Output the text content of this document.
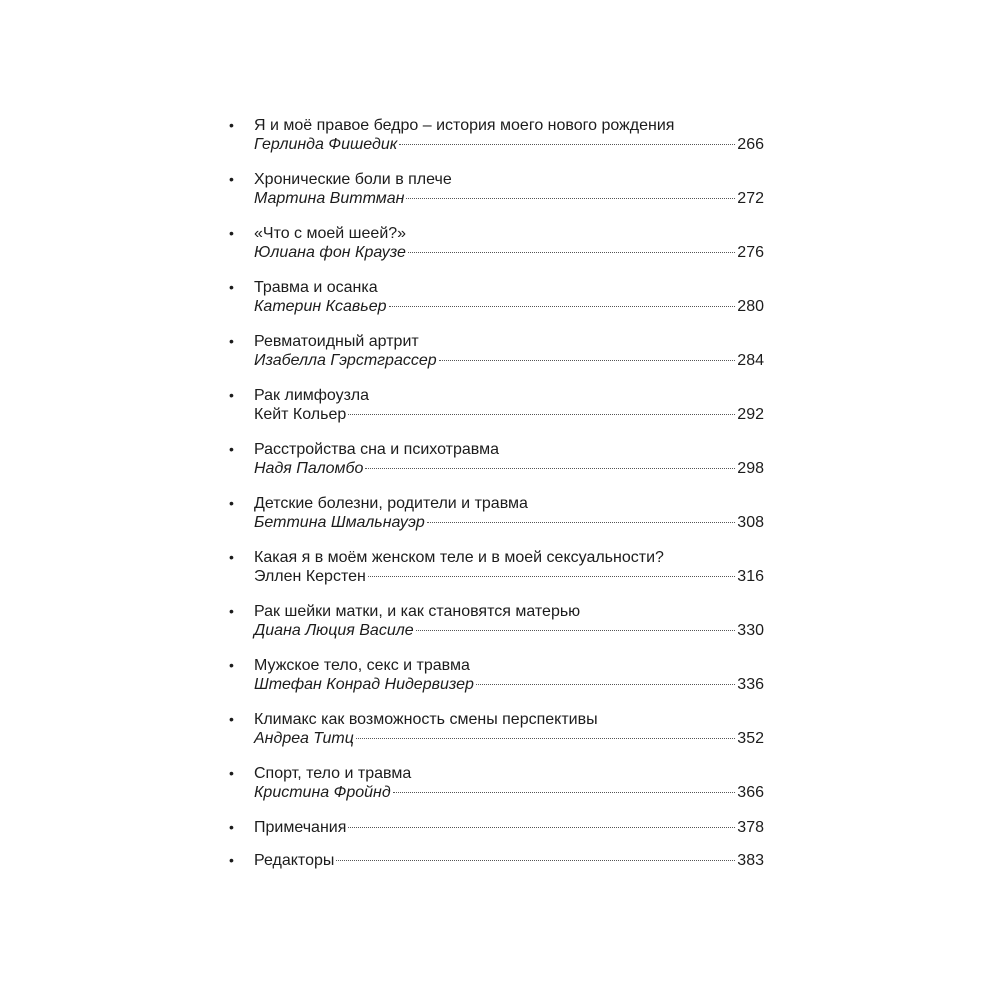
• Я и моё правое бедро – история моего нового рождения
Герлинда Фишедик	266
• Хронические боли в плече
Мартина Виттман	272
• «Что с моей шеей?»
Юлиана фон Краузе	276
• Травма и осанка
Катерин Ксавьер	280
• Ревматоидный артрит
Изабелла Гэрстграссер	284
• Рак лимфоузла
Кейт Кольер	292
• Расстройства сна и психотравма
Надя Паломбо	298
• Детские болезни, родители и травма
Беттина Шмальнауэр	308
• Какая я в моём женском теле и в моей сексуальности?
Эллен Керстен	316
• Рак шейки матки, и как становятся матерью
Диана Люция Василе	330
• Мужское тело, секс и травма
Штефан Конрад Нидервизер	336
• Климакс как возможность смены перспективы
Андреа Титц	352
• Спорт, тело и травма
Кристина Фройнд	366
• Примечания	378
• Редакторы	383
